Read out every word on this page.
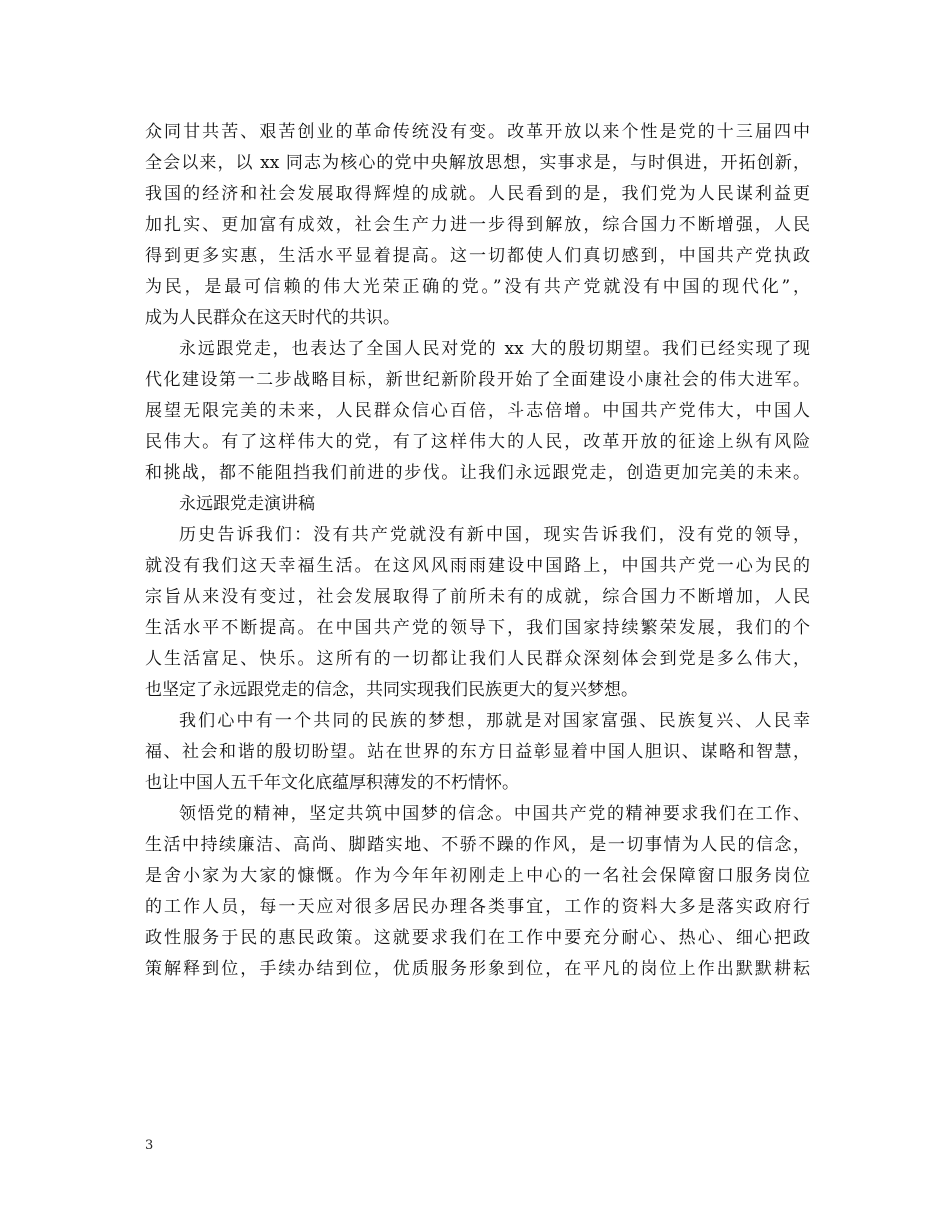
众同甘共苦、艰苦创业的革命传统没有变。改革开放以来个性是党的十三届四中
全会以来，以 xx 同志为核心的党中央解放思想，实事求是，与时俱进，开拓创新，
我国的经济和社会发展取得辉煌的成就。人民看到的是，我们党为人民谋利益更
加扎实、更加富有成效，社会生产力进一步得到解放，综合国力不断增强，人民
得到更多实惠，生活水平显着提高。这一切都使人们真切感到，中国共产党执政
为民，是最可信赖的伟大光荣正确的党。”没有共产党就没有中国的现代化”，
成为人民群众在这天时代的共识。
永远跟党走，也表达了全国人民对党的 xx 大的殷切期望。我们已经实现了现
代化建设第一二步战略目标，新世纪新阶段开始了全面建设小康社会的伟大进军。
展望无限完美的未来，人民群众信心百倍，斗志倍增。中国共产党伟大，中国人
民伟大。有了这样伟大的党，有了这样伟大的人民，改革开放的征途上纵有风险
和挑战，都不能阻挡我们前进的步伐。让我们永远跟党走，创造更加完美的未来。
永远跟党走演讲稿
历史告诉我们：没有共产党就没有新中国，现实告诉我们，没有党的领导，
就没有我们这天幸福生活。在这风风雨雨建设中国路上，中国共产党一心为民的
宗旨从来没有变过，社会发展取得了前所未有的成就，综合国力不断增加，人民
生活水平不断提高。在中国共产党的领导下，我们国家持续繁荣发展，我们的个
人生活富足、快乐。这所有的一切都让我们人民群众深刻体会到党是多么伟大，
也坚定了永远跟党走的信念，共同实现我们民族更大的复兴梦想。
我们心中有一个共同的民族的梦想，那就是对国家富强、民族复兴、人民幸
福、社会和谐的殷切盼望。站在世界的东方日益彰显着中国人胆识、谋略和智慧，
也让中国人五千年文化底蕴厚积薄发的不朽情怀。
领悟党的精神，坚定共筑中国梦的信念。中国共产党的精神要求我们在工作、
生活中持续廉洁、高尚、脚踏实地、不骄不躁的作风，是一切事情为人民的信念，
是舍小家为大家的慷慨。作为今年年初刚走上中心的一名社会保障窗口服务岗位
的工作人员，每一天应对很多居民办理各类事宜，工作的资料大多是落实政府行
政性服务于民的惠民政策。这就要求我们在工作中要充分耐心、热心、细心把政
策解释到位，手续办结到位，优质服务形象到位，在平凡的岗位上作出默默耕耘
3
